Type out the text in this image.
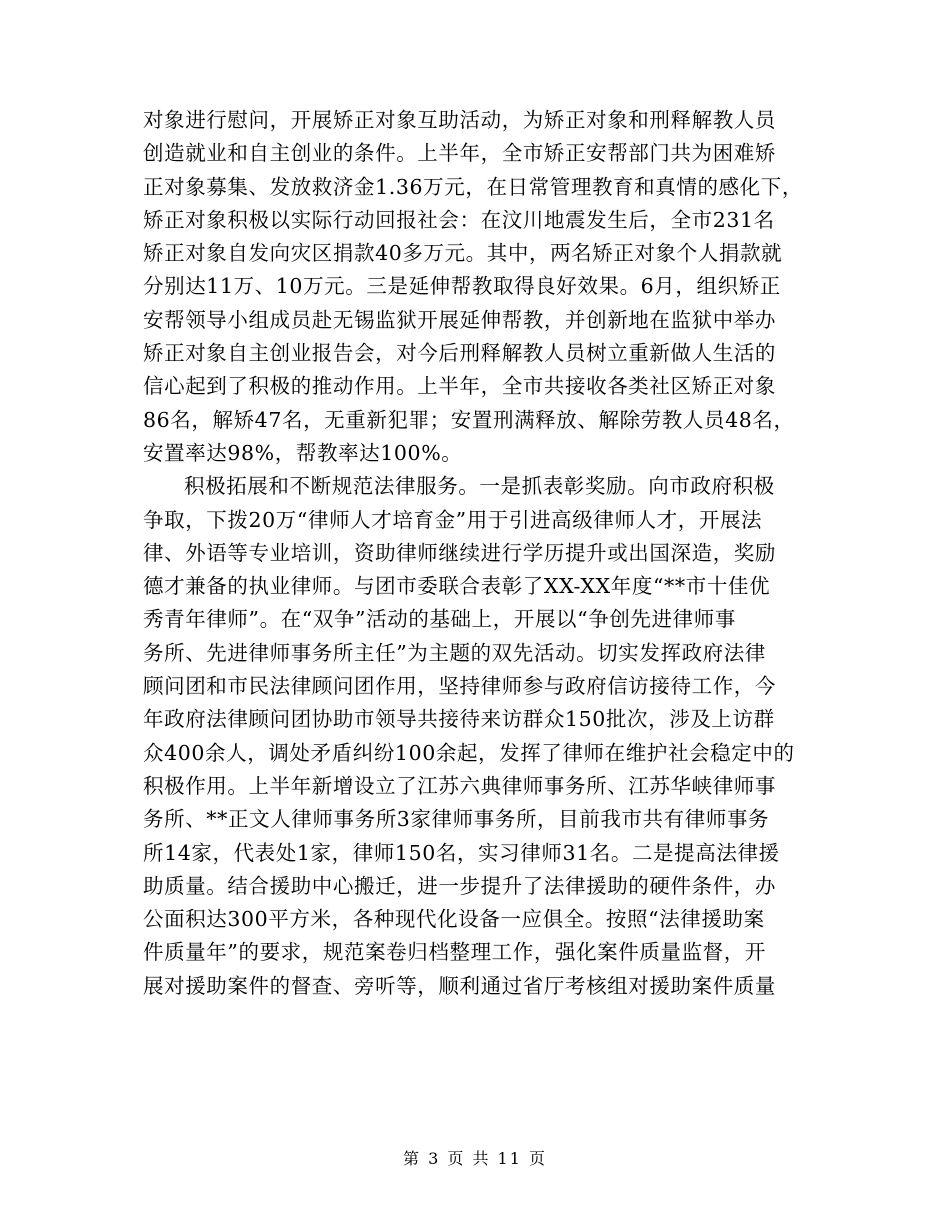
对象进行慰问，开展矫正对象互助活动，为矫正对象和刑释解教人员
创造就业和自主创业的条件。上半年，全市矫正安帮部门共为困难矫
正对象募集、发放救济金1.36万元，在日常管理教育和真情的感化下，
矫正对象积极以实际行动回报社会：在汶川地震发生后，全市231名
矫正对象自发向灾区捐款40多万元。其中，两名矫正对象个人捐款就
分别达11万、10万元。三是延伸帮教取得良好效果。6月，组织矫正
安帮领导小组成员赴无锡监狱开展延伸帮教，并创新地在监狱中举办
矫正对象自主创业报告会，对今后刑释解教人员树立重新做人生活的
信心起到了积极的推动作用。上半年，全市共接收各类社区矫正对象
86名，解矫47名，无重新犯罪；安置刑满释放、解除劳教人员48名，
安置率达98%，帮教率达100%。
积极拓展和不断规范法律服务。一是抓表彰奖励。向市政府积极
争取，下拨20万“律师人才培育金”用于引进高级律师人才，开展法
律、外语等专业培训，资助律师继续进行学历提升或出国深造，奖励
德才兼备的执业律师。与团市委联合表彰了XX-XX年度“**市十佳优
秀青年律师”。在“双争”活动的基础上，开展以“争创先进律师事
务所、先进律师事务所主任”为主题的双先活动。切实发挥政府法律
顾问团和市民法律顾问团作用，坚持律师参与政府信访接待工作，今
年政府法律顾问团协助市领导共接待来访群众150批次，涉及上访群
众400余人，调处矛盾纠纷100余起，发挥了律师在维护社会稳定中的
积极作用。上半年新增设立了江苏六典律师事务所、江苏华峡律师事
务所、**正文人律师事务所3家律师事务所，目前我市共有律师事务
所14家，代表处1家，律师150名，实习律师31名。二是提高法律援
助质量。结合援助中心搬迁，进一步提升了法律援助的硬件条件，办
公面积达300平方米，各种现代化设备一应俱全。按照“法律援助案
件质量年”的要求，规范案卷归档整理工作，强化案件质量监督，开
展对援助案件的督查、旁听等，顺利通过省厅考核组对援助案件质量
第 3 页 共 11 页
